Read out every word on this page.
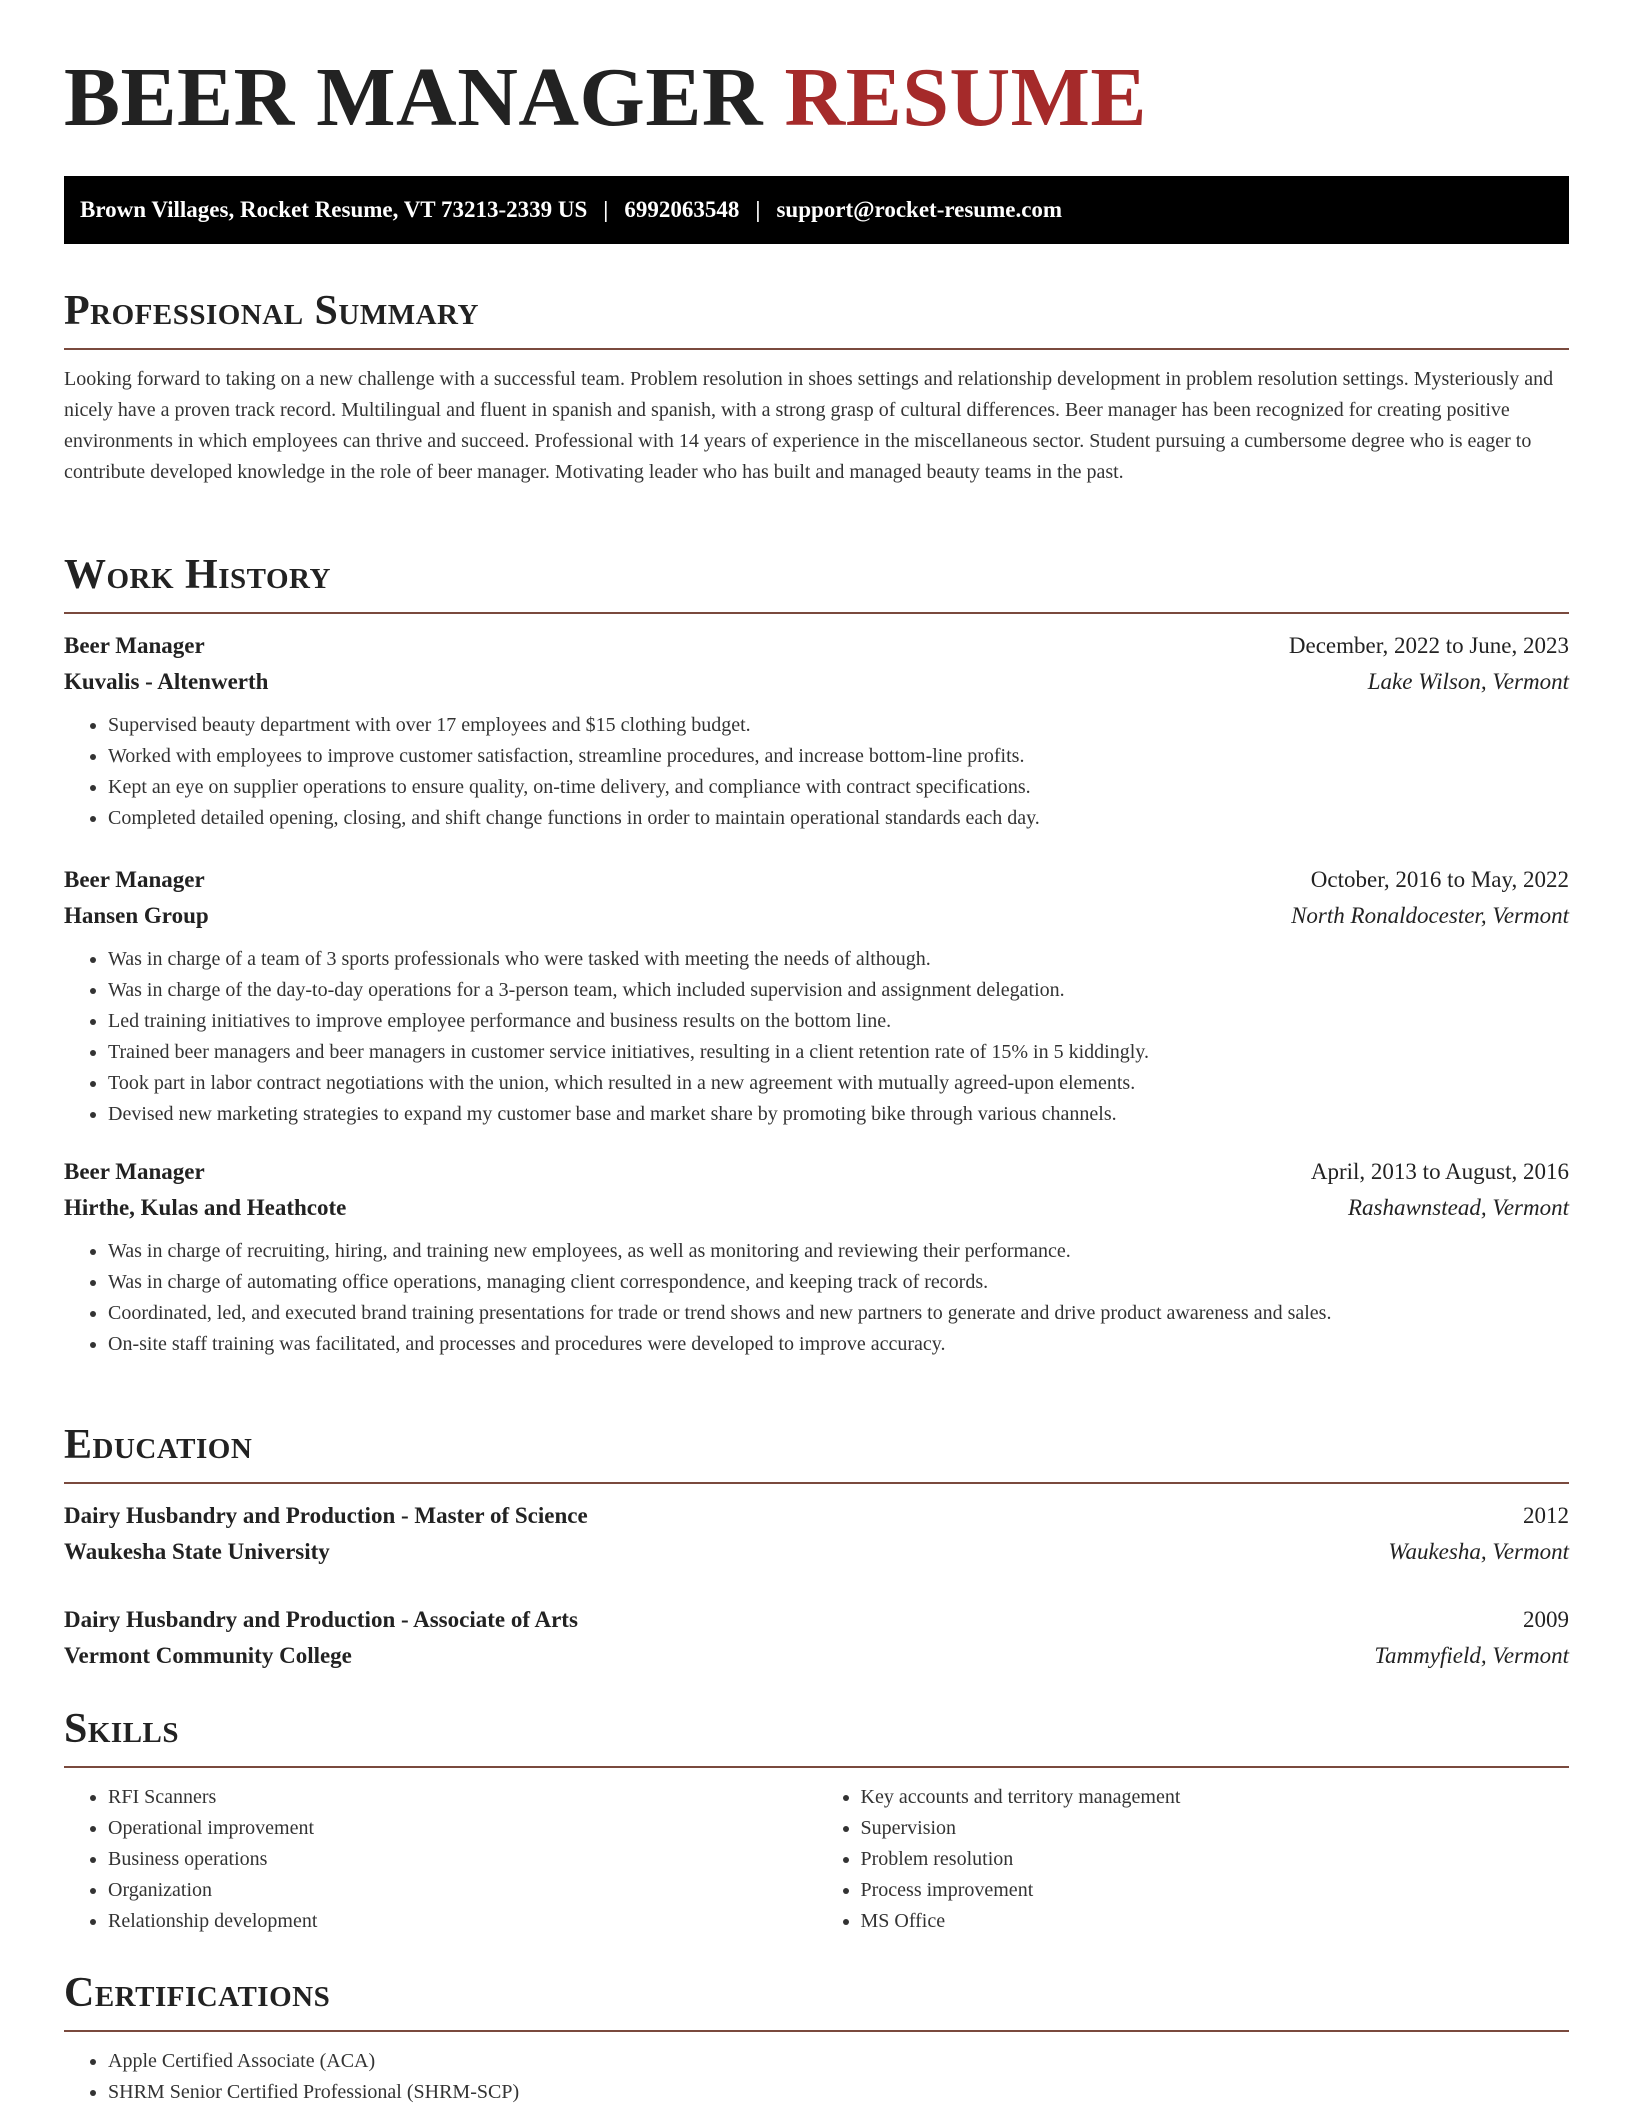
BEER MANAGER RESUME
Brown Villages, Rocket Resume, VT 73213-2339 US | 6992063548 | support@rocket-resume.com
Professional Summary

Looking forward to taking on a new challenge with a successful team. Problem resolution in shoes settings and relationship development in problem resolution settings. Mysteriously and nicely have a proven track record. Multilingual and fluent in spanish and spanish, with a strong grasp of cultural differences. Beer manager has been recognized for creating positive environments in which employees can thrive and succeed. Professional with 14 years of experience in the miscellaneous sector. Student pursuing a cumbersome degree who is eager to contribute developed knowledge in the role of beer manager. Motivating leader who has built and managed beauty teams in the past.

Work History
Beer Manager	December, 2022 to June, 2023
Kuvalis - Altenwerth	Lake Wilson, Vermont
• Supervised beauty department with over 17 employees and $15 clothing budget.
• Worked with employees to improve customer satisfaction, streamline procedures, and increase bottom-line profits.
• Kept an eye on supplier operations to ensure quality, on-time delivery, and compliance with contract specifications.
• Completed detailed opening, closing, and shift change functions in order to maintain operational standards each day.
Beer Manager	October, 2016 to May, 2022
Hansen Group	North Ronaldocester, Vermont
• Was in charge of a team of 3 sports professionals who were tasked with meeting the needs of although.
• Was in charge of the day-to-day operations for a 3-person team, which included supervision and assignment delegation.
• Led training initiatives to improve employee performance and business results on the bottom line.
• Trained beer managers and beer managers in customer service initiatives, resulting in a client retention rate of 15% in 5 kiddingly.
• Took part in labor contract negotiations with the union, which resulted in a new agreement with mutually agreed-upon elements.
• Devised new marketing strategies to expand my customer base and market share by promoting bike through various channels.
Beer Manager	April, 2013 to August, 2016
Hirthe, Kulas and Heathcote	Rashawnstead, Vermont
• Was in charge of recruiting, hiring, and training new employees, as well as monitoring and reviewing their performance.
• Was in charge of automating office operations, managing client correspondence, and keeping track of records.
• Coordinated, led, and executed brand training presentations for trade or trend shows and new partners to generate and drive product awareness and sales.
• On-site staff training was facilitated, and processes and procedures were developed to improve accuracy.
Education
Dairy Husbandry and Production - Master of Science	2012
Waukesha State University	Waukesha, Vermont
Dairy Husbandry and Production - Associate of Arts	2009
Vermont Community College	Tammyfield, Vermont
Skills
• RFI Scanners
• Operational improvement
• Business operations
• Organization
• Relationship development
• Key accounts and territory management
• Supervision
• Problem resolution
• Process improvement
• MS Office
Certifications
• Apple Certified Associate (ACA)
• SHRM Senior Certified Professional (SHRM-SCP)
